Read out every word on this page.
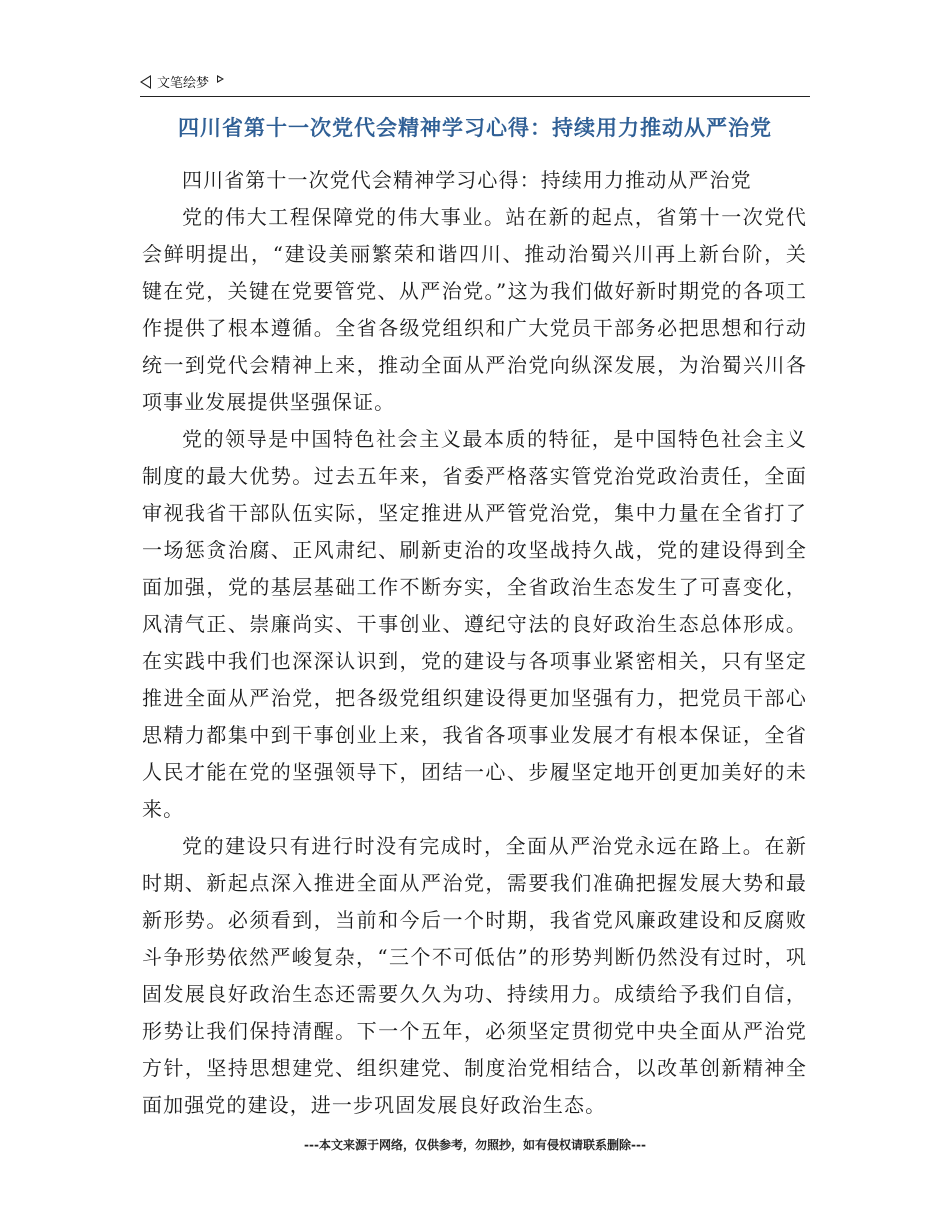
文笔绘梦
四川省第十一次党代会精神学习心得：持续用力推动从严治党

四川省第十一次党代会精神学习心得：持续用力推动从严治党

党的伟大工程保障党的伟大事业。站在新的起点，省第十一次党代会鲜明提出，“建设美丽繁荣和谐四川、推动治蜀兴川再上新台阶，关键在党，关键在党要管党、从严治党。”这为我们做好新时期党的各项工作提供了根本遵循。全省各级党组织和广大党员干部务必把思想和行动统一到党代会精神上来，推动全面从严治党向纵深发展，为治蜀兴川各项事业发展提供坚强保证。

党的领导是中国特色社会主义最本质的特征，是中国特色社会主义制度的最大优势。过去五年来，省委严格落实管党治党政治责任，全面审视我省干部队伍实际，坚定推进从严管党治党，集中力量在全省打了一场惩贪治腐、正风肃纪、刷新吏治的攻坚战持久战，党的建设得到全面加强，党的基层基础工作不断夯实，全省政治生态发生了可喜变化，风清气正、崇廉尚实、干事创业、遵纪守法的良好政治生态总体形成。在实践中我们也深深认识到，党的建设与各项事业紧密相关，只有坚定推进全面从严治党，把各级党组织建设得更加坚强有力，把党员干部心思精力都集中到干事创业上来，我省各项事业发展才有根本保证，全省人民才能在党的坚强领导下，团结一心、步履坚定地开创更加美好的未来。

党的建设只有进行时没有完成时，全面从严治党永远在路上。在新时期、新起点深入推进全面从严治党，需要我们准确把握发展大势和最新形势。必须看到，当前和今后一个时期，我省党风廉政建设和反腐败斗争形势依然严峻复杂，“三个不可低估”的形势判断仍然没有过时，巩固发展良好政治生态还需要久久为功、持续用力。成绩给予我们自信，形势让我们保持清醒。下一个五年，必须坚定贯彻党中央全面从严治党方针，坚持思想建党、组织建党、制度治党相结合，以改革创新精神全面加强党的建设，进一步巩固发展良好政治生态。

---本文来源于网络，仅供参考，勿照抄，如有侵权请联系删除---
